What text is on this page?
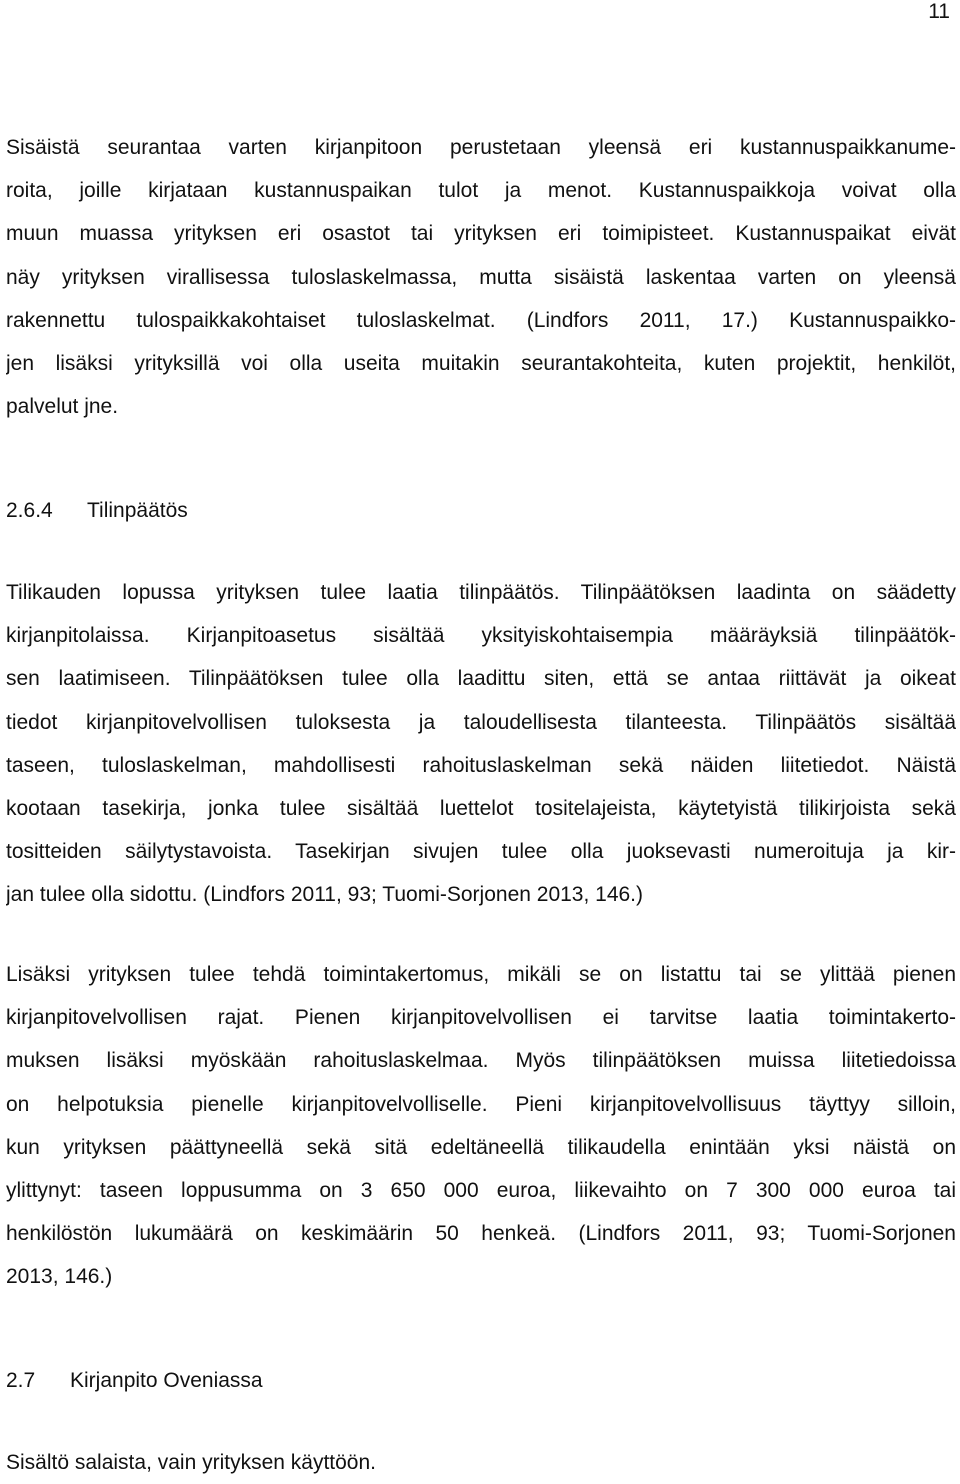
11
Sisäistä seurantaa varten kirjanpitoon perustetaan yleensä eri kustannuspaikkanume-
roita, joille kirjataan kustannuspaikan tulot ja menot. Kustannuspaikkoja voivat olla
muun muassa yrityksen eri osastot tai yrityksen eri toimipisteet. Kustannuspaikat eivät
näy yrityksen virallisessa tuloslaskelmassa, mutta sisäistä laskentaa varten on yleensä
rakennettu tulospaikkakohtaiset tuloslaskelmat. (Lindfors 2011, 17.) Kustannuspaikko-
jen lisäksi yrityksillä voi olla useita muitakin seurantakohteita, kuten projektit, henkilöt,
palvelut jne.
2.6.4 Tilinpäätös
Tilikauden lopussa yrityksen tulee laatia tilinpäätös. Tilinpäätöksen laadinta on säädetty
kirjanpitolaissa. Kirjanpitoasetus sisältää yksityiskohtaisempia määräyksiä tilinpäätök-
sen laatimiseen. Tilinpäätöksen tulee olla laadittu siten, että se antaa riittävät ja oikeat
tiedot kirjanpitovelvollisen tuloksesta ja taloudellisesta tilanteesta. Tilinpäätös sisältää
taseen, tuloslaskelman, mahdollisesti rahoituslaskelman sekä näiden liitetiedot. Näistä
kootaan tasekirja, jonka tulee sisältää luettelot tositelajeista, käytetyistä tilikirjoista sekä
tositteiden säilytystavoista. Tasekirjan sivujen tulee olla juoksevasti numeroituja ja kir-
jan tulee olla sidottu. (Lindfors 2011, 93; Tuomi-Sorjonen 2013, 146.)
Lisäksi yrityksen tulee tehdä toimintakertomus, mikäli se on listattu tai se ylittää pienen
kirjanpitovelvollisen rajat. Pienen kirjanpitovelvollisen ei tarvitse laatia toimintakerto-
muksen lisäksi myöskään rahoituslaskelmaa. Myös tilinpäätöksen muissa liitetiedoissa
on helpotuksia pienelle kirjanpitovelvolliselle. Pieni kirjanpitovelvollisuus täyttyy silloin,
kun yrityksen päättyneellä sekä sitä edeltäneellä tilikaudella enintään yksi näistä on
ylittynyt: taseen loppusumma on 3 650 000 euroa, liikevaihto on 7 300 000 euroa tai
henkilöstön lukumäärä on keskimäärin 50 henkeä. (Lindfors 2011, 93; Tuomi-Sorjonen
2013, 146.)
2.7 Kirjanpito Oveniassa
Sisältö salaista, vain yrityksen käyttöön.
